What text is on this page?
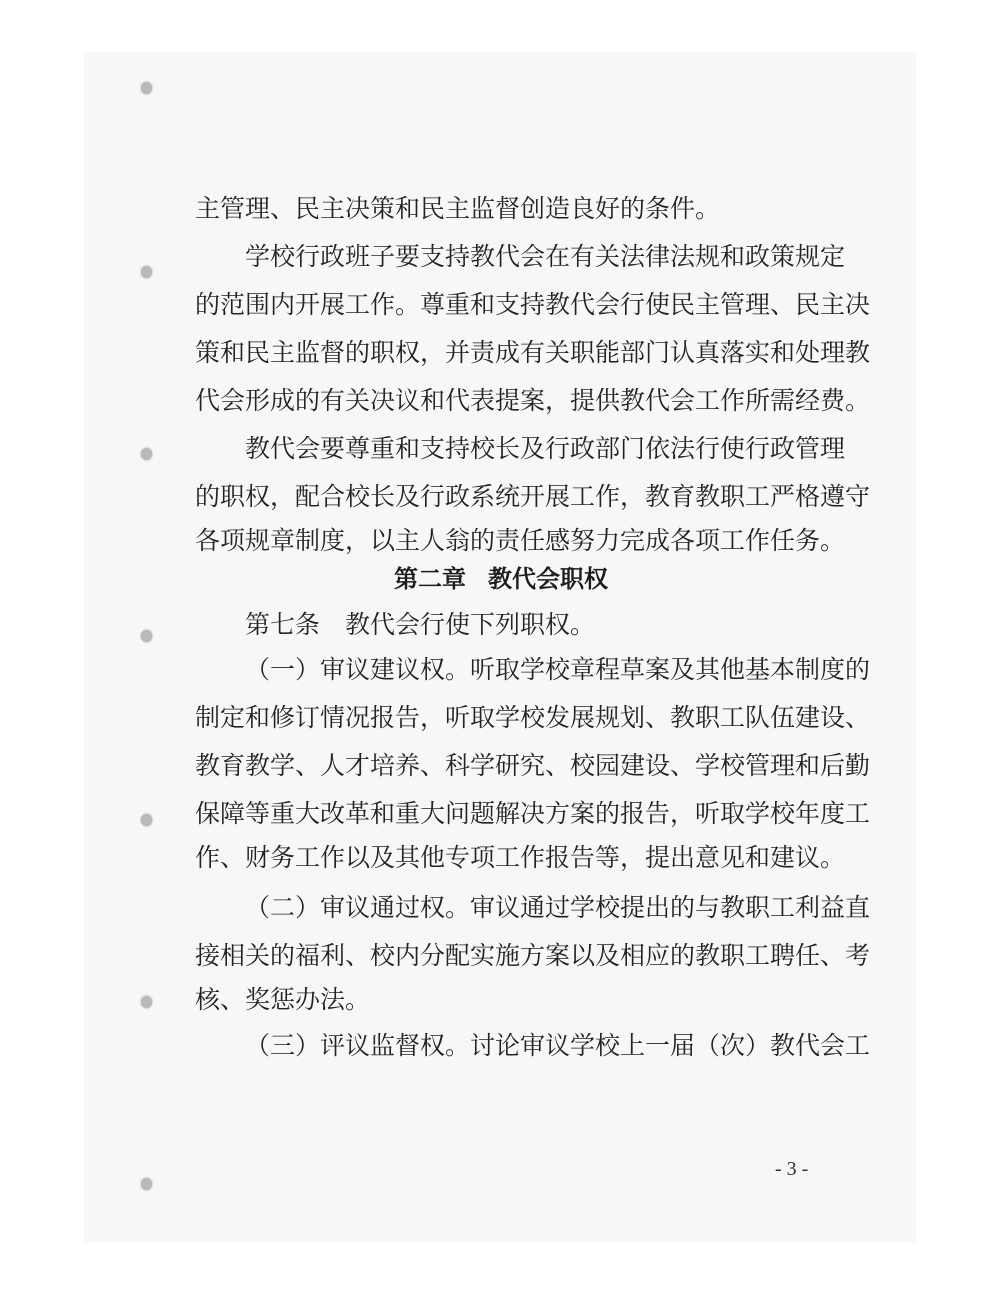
主管理、民主决策和民主监督创造良好的条件。
学校行政班子要支持教代会在有关法律法规和政策规定
的范围内开展工作。尊重和支持教代会行使民主管理、民主决
策和民主监督的职权，并责成有关职能部门认真落实和处理教
代会形成的有关决议和代表提案，提供教代会工作所需经费。
教代会要尊重和支持校长及行政部门依法行使行政管理
的职权，配合校长及行政系统开展工作，教育教职工严格遵守
各项规章制度，以主人翁的责任感努力完成各项工作任务。
第二章 教代会职权
第七条　教代会行使下列职权。
（一）审议建议权。听取学校章程草案及其他基本制度的
制定和修订情况报告，听取学校发展规划、教职工队伍建设、
教育教学、人才培养、科学研究、校园建设、学校管理和后勤
保障等重大改革和重大问题解决方案的报告，听取学校年度工
作、财务工作以及其他专项工作报告等，提出意见和建议。
（二）审议通过权。审议通过学校提出的与教职工利益直
接相关的福利、校内分配实施方案以及相应的教职工聘任、考
核、奖惩办法。
（三）评议监督权。讨论审议学校上一届（次）教代会工
- 3 -
